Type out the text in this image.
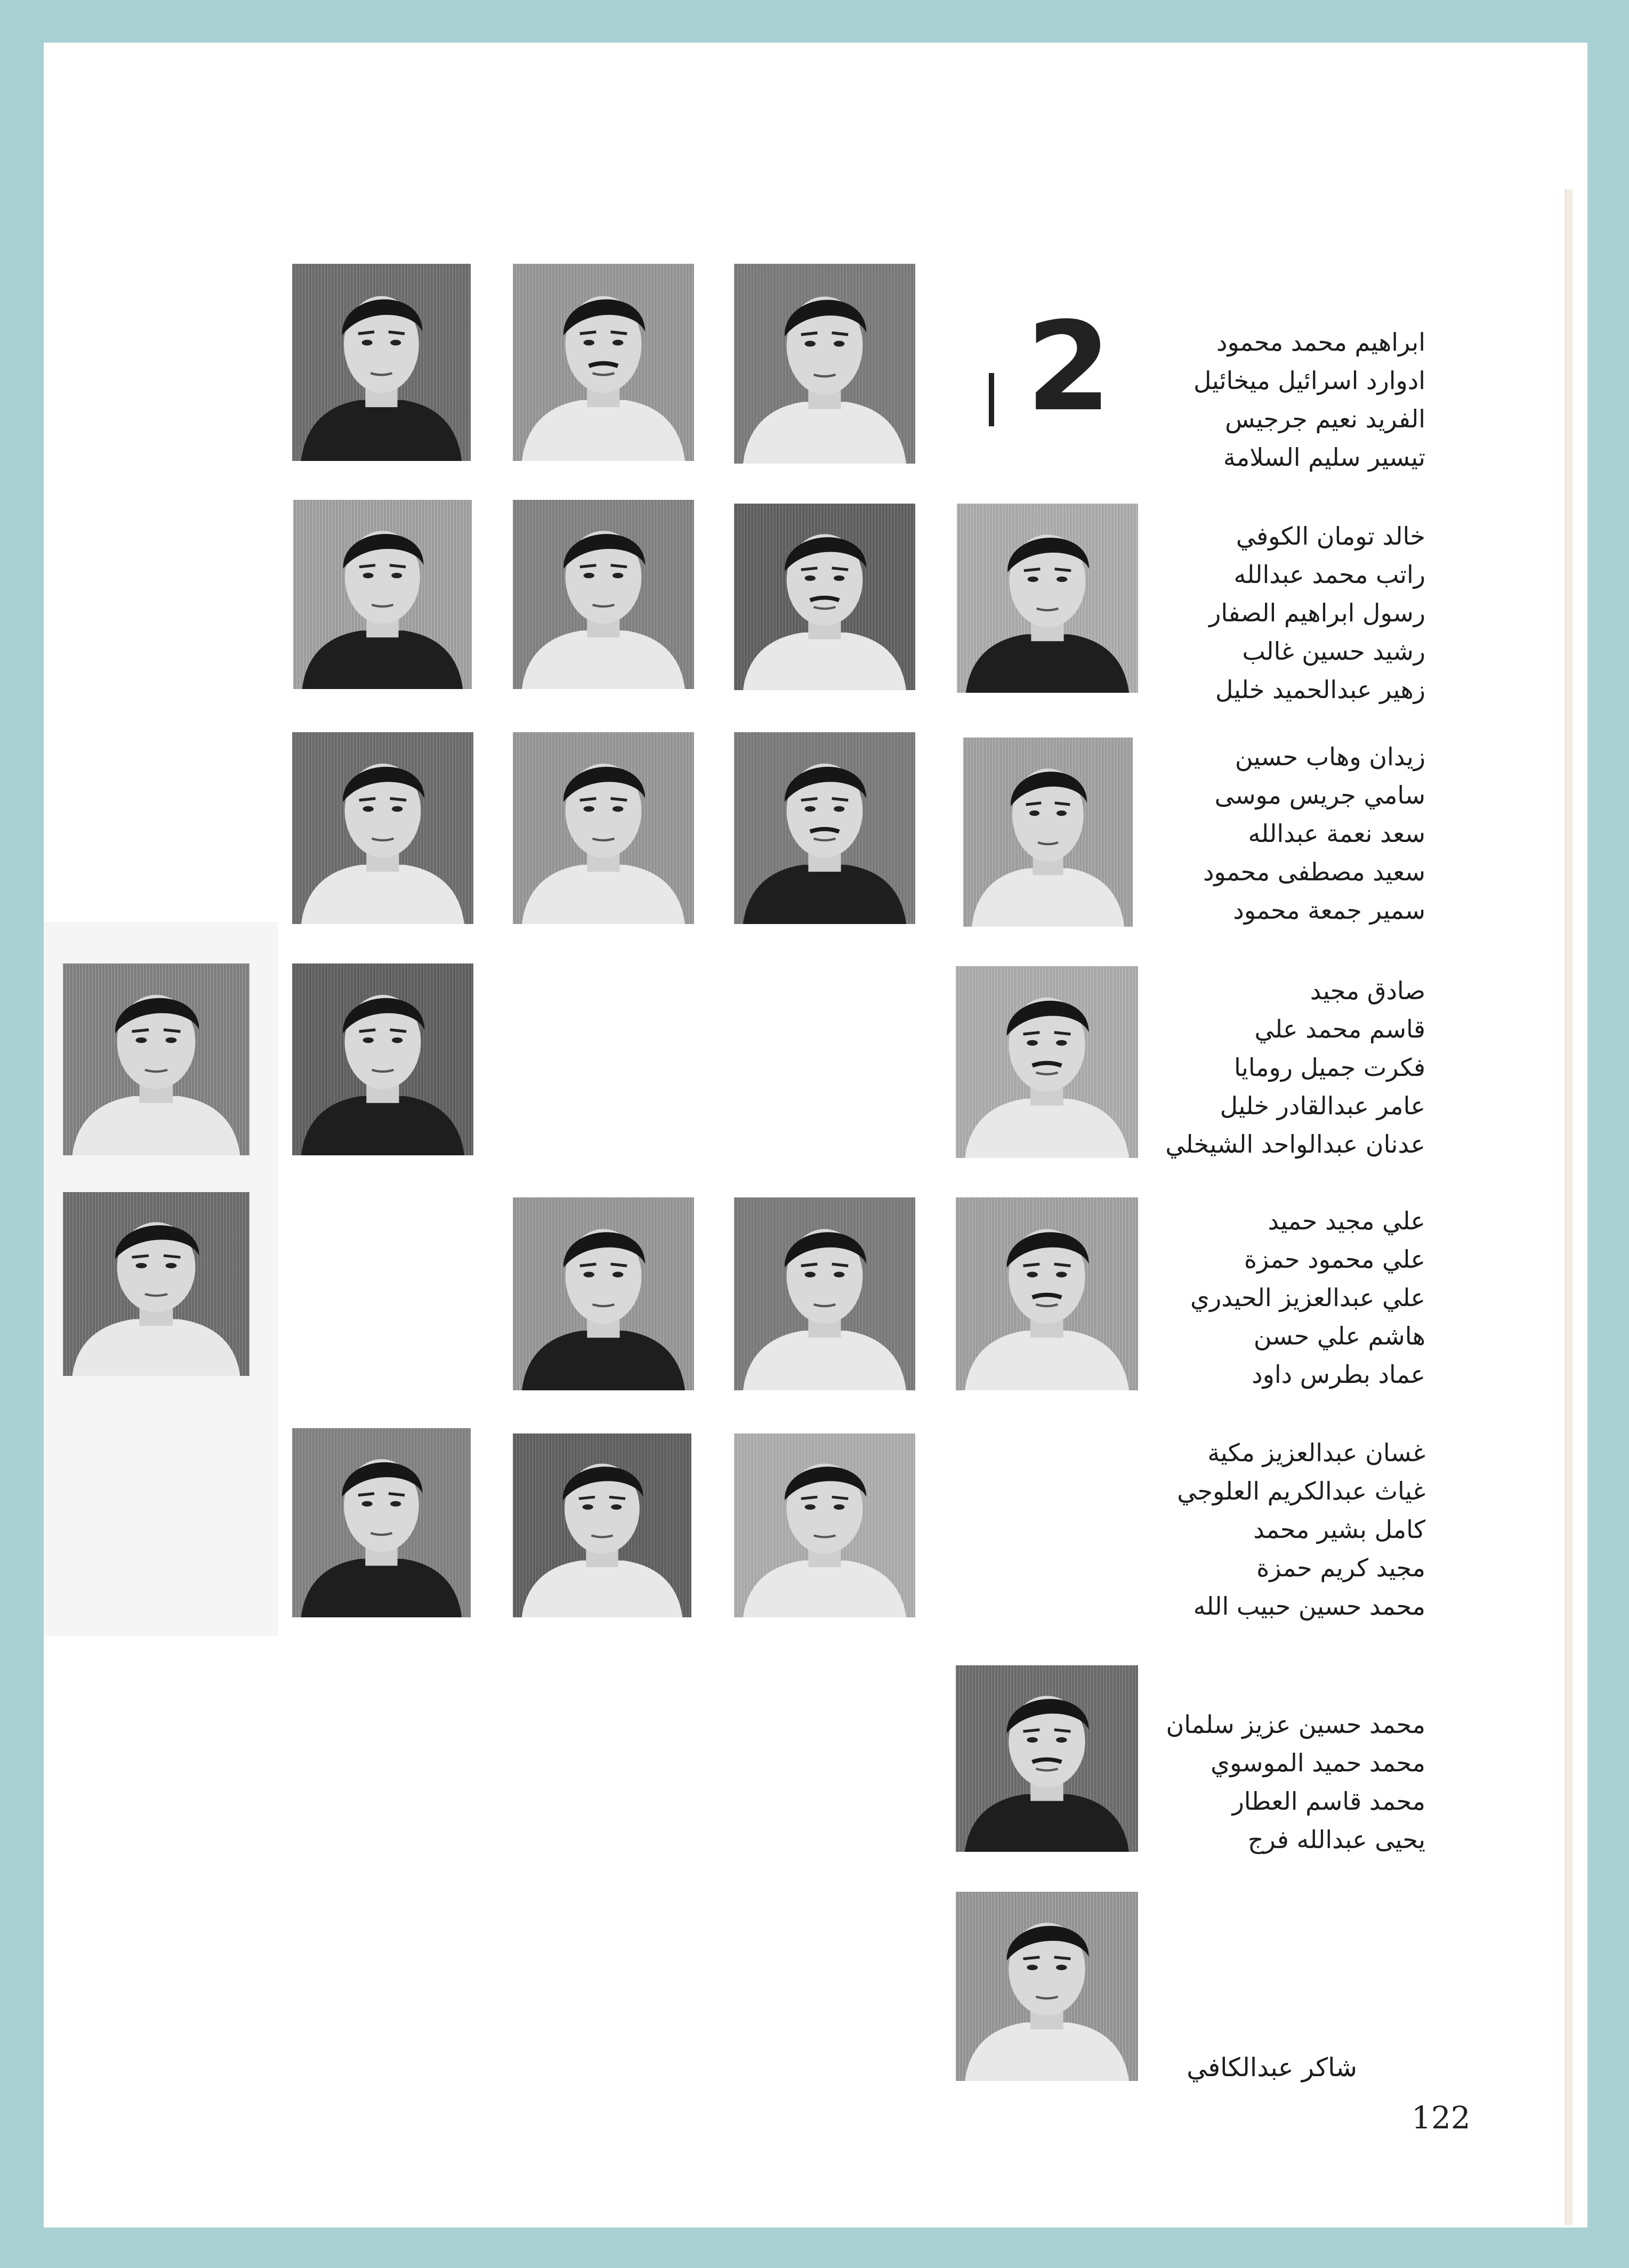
2	ابراهيم محمد محمود
ادوارد اسرائيل ميخائيل
الفريد نعيم جرجيس
تيسير سليم السلامة
خالد تومان الكوفي
راتب محمد عبدالله
رسول ابراهيم الصفار
رشيد حسين غالب
زهير عبدالحميد خليل
زيدان وهاب حسين
سامي جريس موسى
سعد نعمة عبدالله
سعيد مصطفى محمود
سمير جمعة محمود
صادق مجيد
قاسم محمد علي
فكرت جميل رومايا
عامر عبدالقادر خليل
عدنان عبدالواحد الشيخلي
علي مجيد حميد
علي محمود حمزة
علي عبدالعزيز الحيدري
هاشم علي حسن
عماد بطرس داود
غسان عبدالعزيز مكية
غياث عبدالكريم العلوجي
كامل بشير محمد
مجيد كريم حمزة
محمد حسين حبيب الله
محمد حسين عزيز سلمان
محمد حميد الموسوي
محمد قاسم العطار
يحيى عبدالله فرج
شاكر عبدالكافي
122
